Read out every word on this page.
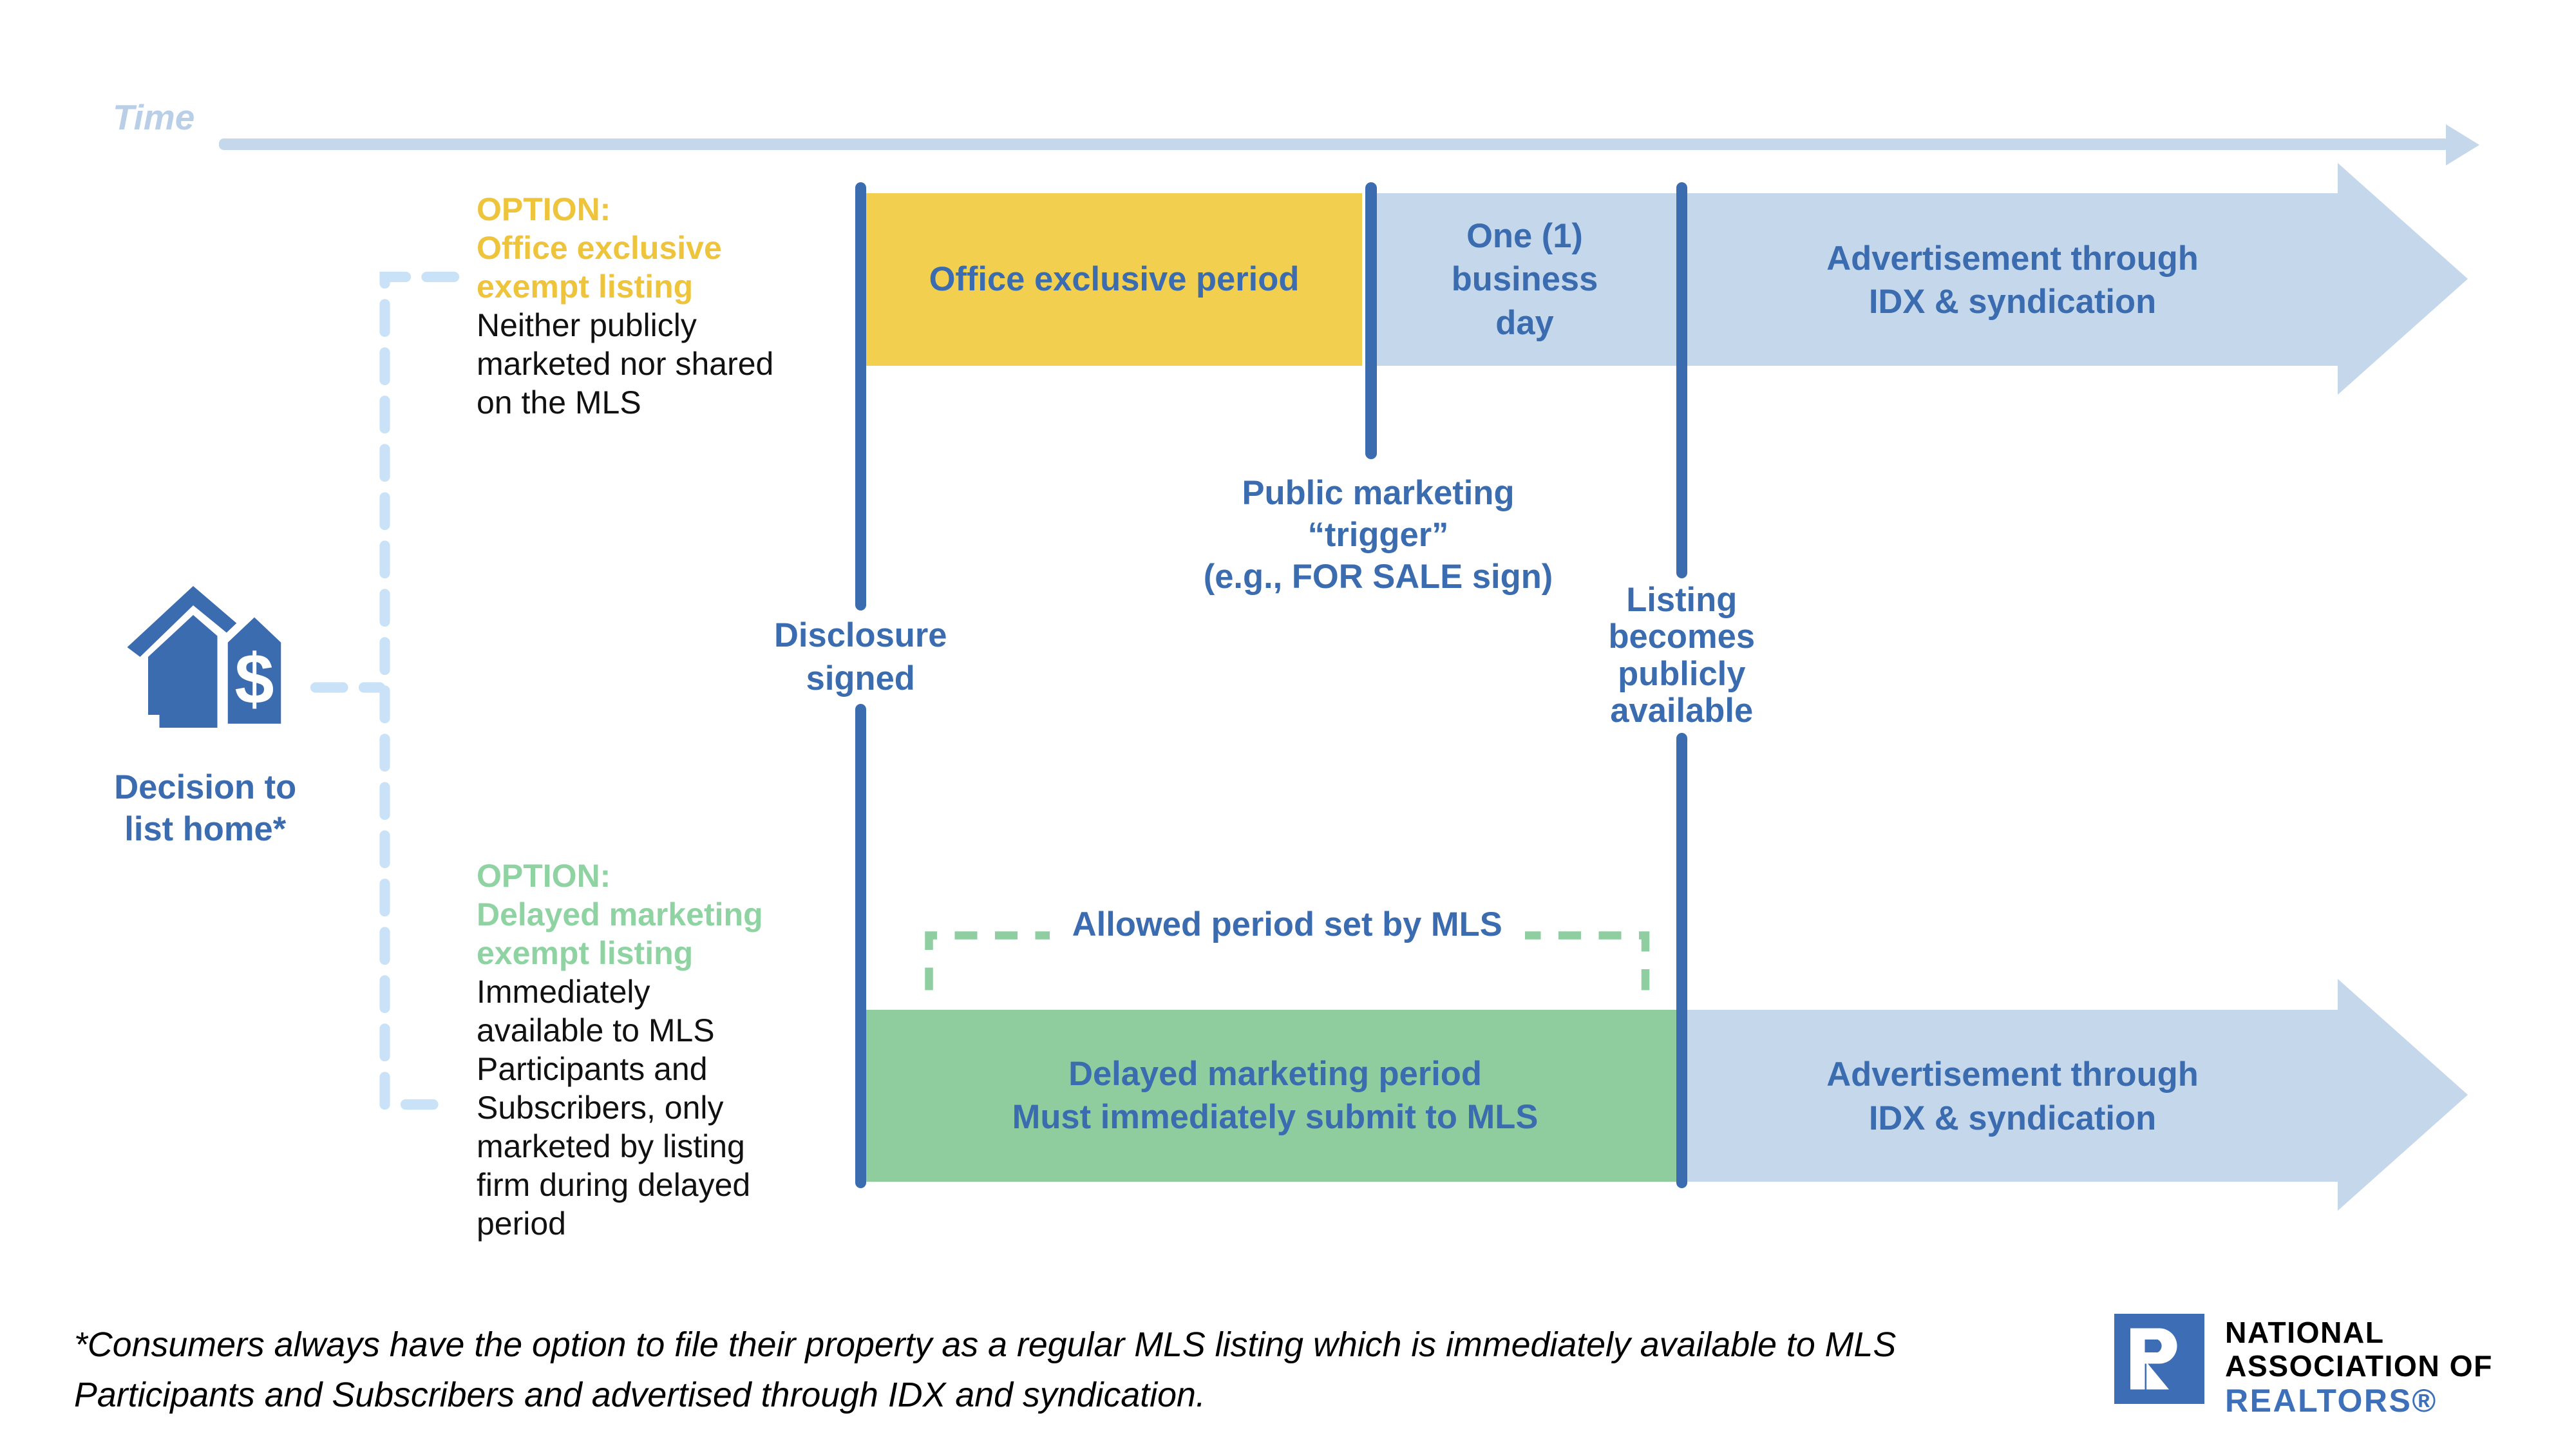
Time
Office exclusive period
One (1)
business
day
Advertisement through
IDX & syndication
Delayed marketing period
Must immediately submit to MLS
Advertisement through
IDX & syndication
Allowed period set by MLS
Disclosure
signed
Public marketing
“trigger”
(e.g., FOR SALE sign)
Listing
becomes
publicly
available
OPTION:
Office exclusive
exempt listing
Neither publicly
marketed nor shared
on the MLS
OPTION:
Delayed marketing
exempt listing
Immediately
available to MLS
Participants and
Subscribers, only
marketed by listing
firm during delayed
period
$
Decision to
list home*
*Consumers always have the option to file their property as a regular MLS listing which is immediately available to MLS
Participants and Subscribers and advertised through IDX and syndication.
NATIONAL
ASSOCIATION OF
REALTORS®
